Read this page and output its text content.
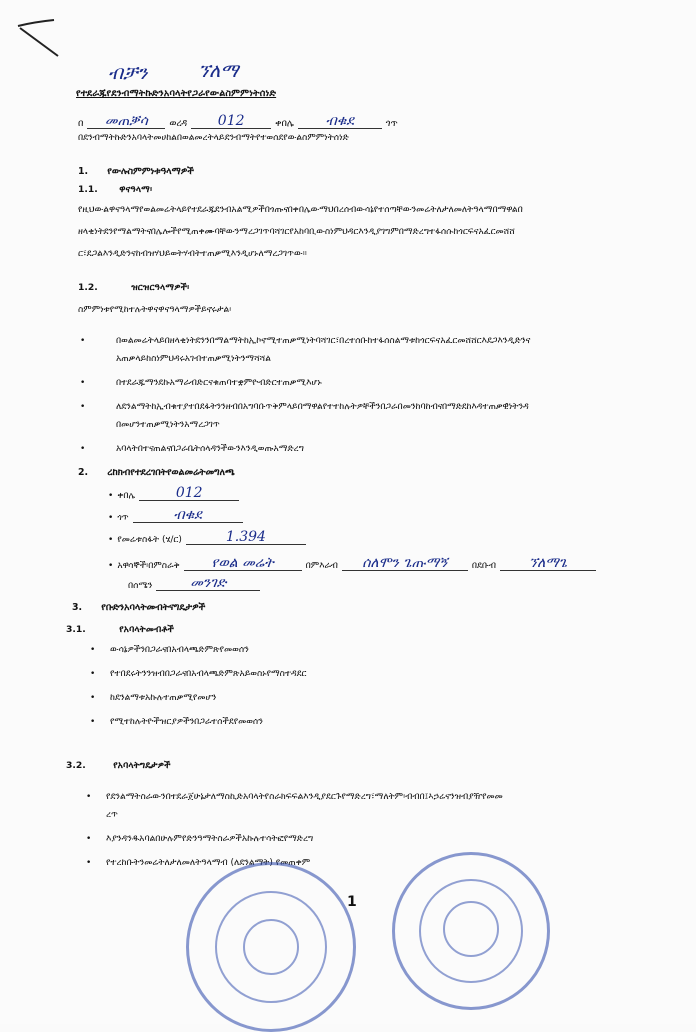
ብቻን	ኘለማ
የተደራጁየደንብማትኩድንአባላትየጋራየውልስምምነትሰነድ
በ	መጠቓሳ	ወረዳ	012	ቀበሌ	ብቁደ	ጎጥ
በደንብማትኩድንአባላትመሀከልበወልመረትላይደንብማትየተወሰደየውልስምምነትሰነድ
1. የውሉስምምነቱዓላማዎች
1.1. ዋናዓላማ፡
የዚህውልዋናዓላማየወልመሬትላይየተደራጁደንብአልሚዎችበጎጡናበቀበሌውማህበረሰብውሳኔየተሰጣቸውንመሬትለታለመለትዓላማበማዋልበ
ዘላቂነትደንየማልማትናበሌሎችየሚጠቀሙባቸውንማረጋገጥባሻገርየአከባቢውስነምህዳርእንዲያገግምበማድረግተፋሰሱከጎርፍናአፈርመሸሸ
ር፣ደጋልእንዲድንናከብዝሃህይወትሃብትተጠቃሚእንዲሆኑለማረጋገጥው።
1.2.	ዝርዝርዓላማዎች፡
ስምምነቱየሚከተሉትዋናዋናዓላማዎችይኖሩታል፡
•	በወልመሬትላይበዘላቂነትደንንበማልማትከኢኮኖሚተጠቃሚነትባሻገር፣በረተሰቡከተፋሰስልማቱከጎርፍናአፈርመሸሸርእደጋእንዲድንና
አጠቃላይከስነምህዳሩአገብተጠቃሚነትንማሻሻል
•	በተደራጁማንደኩአማራብድርናቁጠባተቋምዮብድርተጠቃሚእሆኑ
•	ለደንልማትከኢብቁተያተበደፋትንንዘብበአግባቡጥቅምላይበማዋልየተተከሉትዎቸችንበጋራበመንከባከብናበማድደከእዳተጠቃዊነትንዳ
በመሆንተጠቃሚነትንአማረጋገጥ
•	አባላትበተናጠልናበጋራቤትሰላዳንችውንእንዲወጡአማድረግ
2. ረከክብየተደረገበትየወልመሬትመግለጫ
• ቀበሌ	012
• ጎጥ	ብቁደ
• የመሬቱስፋት (ሄ/ር)	1.394
• አዋሳኞች፡በምስራቅ	የወል መሬት	በምእራብ	ሰለሞን ጌጡማኝ	በደቡብ	ኘለማጌ
በሰሜን	መንገድ
3. የቡድንአባላትመብትናግዴታዎች
3.1.	የአባላትመብቶች
• ውሳኔዎችንበጋራናበአብላጫድምጽየመወሰን
• የተበደሩትንንዝብበጋራናበአብላጫድምጽአይወስኑየማስተዳደር
• ከደንልማቱአኩሉተጠቃሚየመሆን
• የሚተከሉትዮችዝርያዎችንበጋራተሰችደየመወሰን
3.2.	የአባላትግዴታዎች
• የደንልማትስራውንበተደራጀሁኔታለማስኪድአባላትየስራክፍፍልእንዲያደርጉየማድረግ፣ማለትም፡ብብበ፤ኣኃሬናንዝብያዥየመመ
ረጥ
• እያንዳንዱአባልበሁሉምየድንዓማትስራዎችአኩሉተሳትፎየማድረግ
• የተረከቡትንመሬትለታለመለትዓላማብ (ለደንልማት) የመጠቀም
1
